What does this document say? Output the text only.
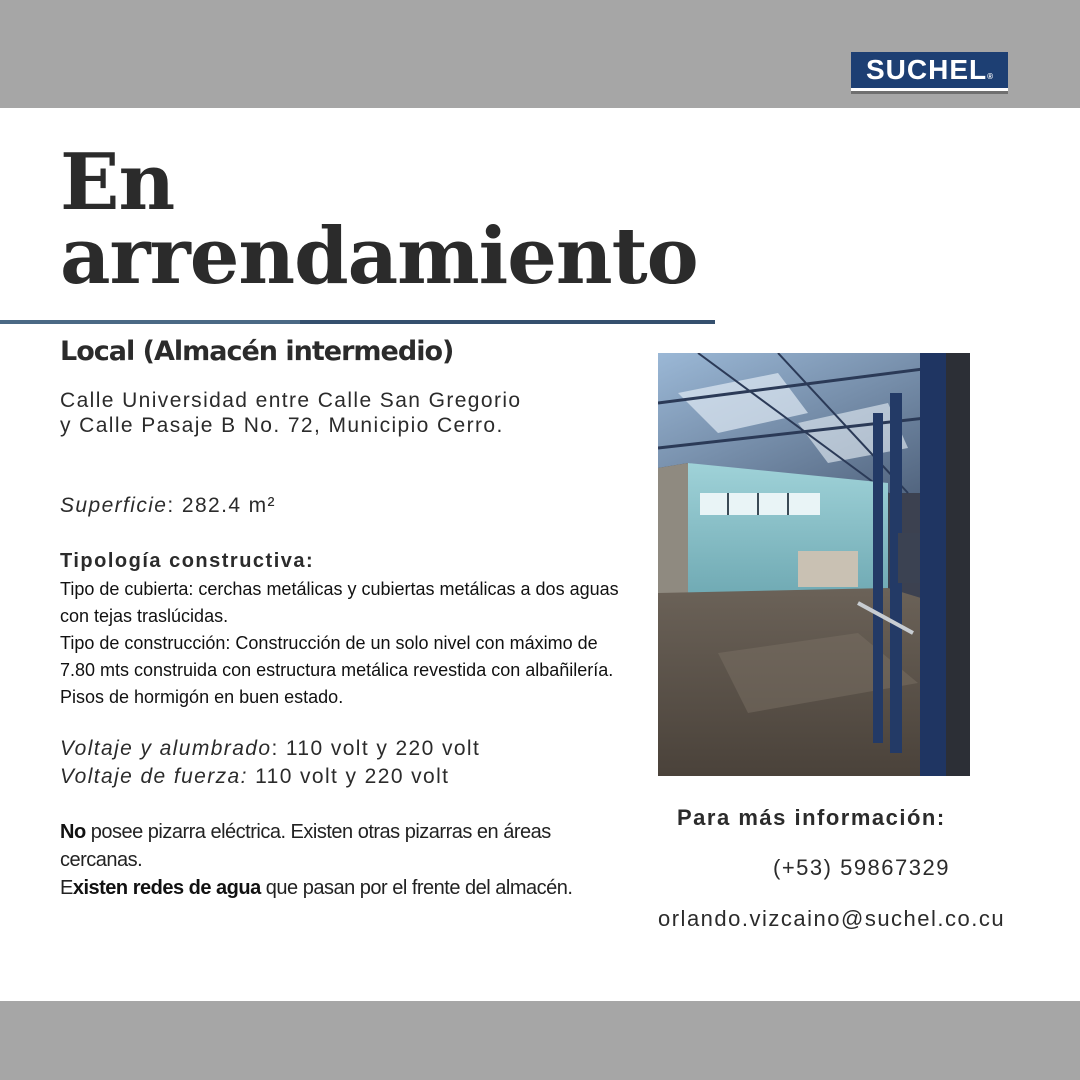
SUCHEL®
En
arrendamiento
Local (Almacén intermedio)
Calle Universidad entre Calle San Gregorio
y Calle Pasaje B No. 72, Municipio Cerro.
Superficie: 282.4 m²
Tipología constructiva:
Tipo de cubierta: cerchas metálicas y cubiertas metálicas a dos aguas con tejas traslúcidas.
Tipo de construcción: Construcción de un solo nivel con máximo de 7.80 mts construida con estructura metálica revestida con albañilería. Pisos de hormigón en buen estado.
Voltaje y alumbrado: 110 volt y 220 volt
Voltaje de fuerza: 110 volt y 220 volt
No posee pizarra eléctrica. Existen otras pizarras en áreas cercanas.
Existen redes de agua que pasan por el frente del almacén.
Para más información:
(+53) 59867329
orlando.vizcaino@suchel.co.cu
